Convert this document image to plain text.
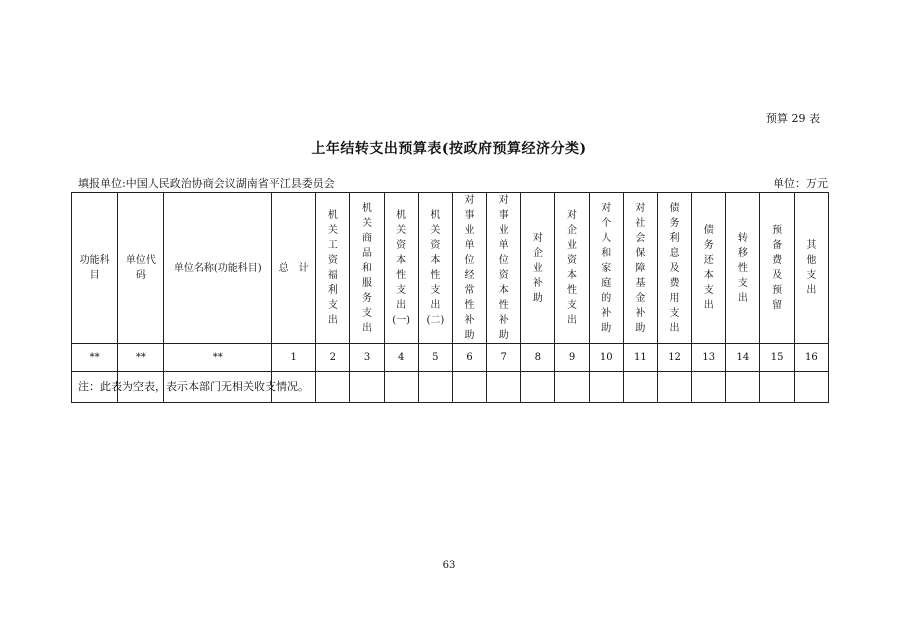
预算 29 表
上年结转支出预算表(按政府预算经济分类)
填报单位:中国人民政治协商会议湖南省平江县委员会	单位：万元
功能科目	单位代码	单位名称(功能科目)	总　计	机关工资福利支出	机关商品和服务支出	机关资本性支出(一)	机关资本性支出(二)	对事业单位经常性补助	对事业单位资本性补助	对企业补助	对企业资本性支出	对个人和家庭的补助	对社会保障基金补助	债务利息及费用支出	债务还本支出	转移性支出	预备费及预留	其他支出
**	**	**	1	2	3	4	5	6	7	8	9	10	11	12	13	14	15	16

注：此表为空表，表示本部门无相关收支情况。
63
